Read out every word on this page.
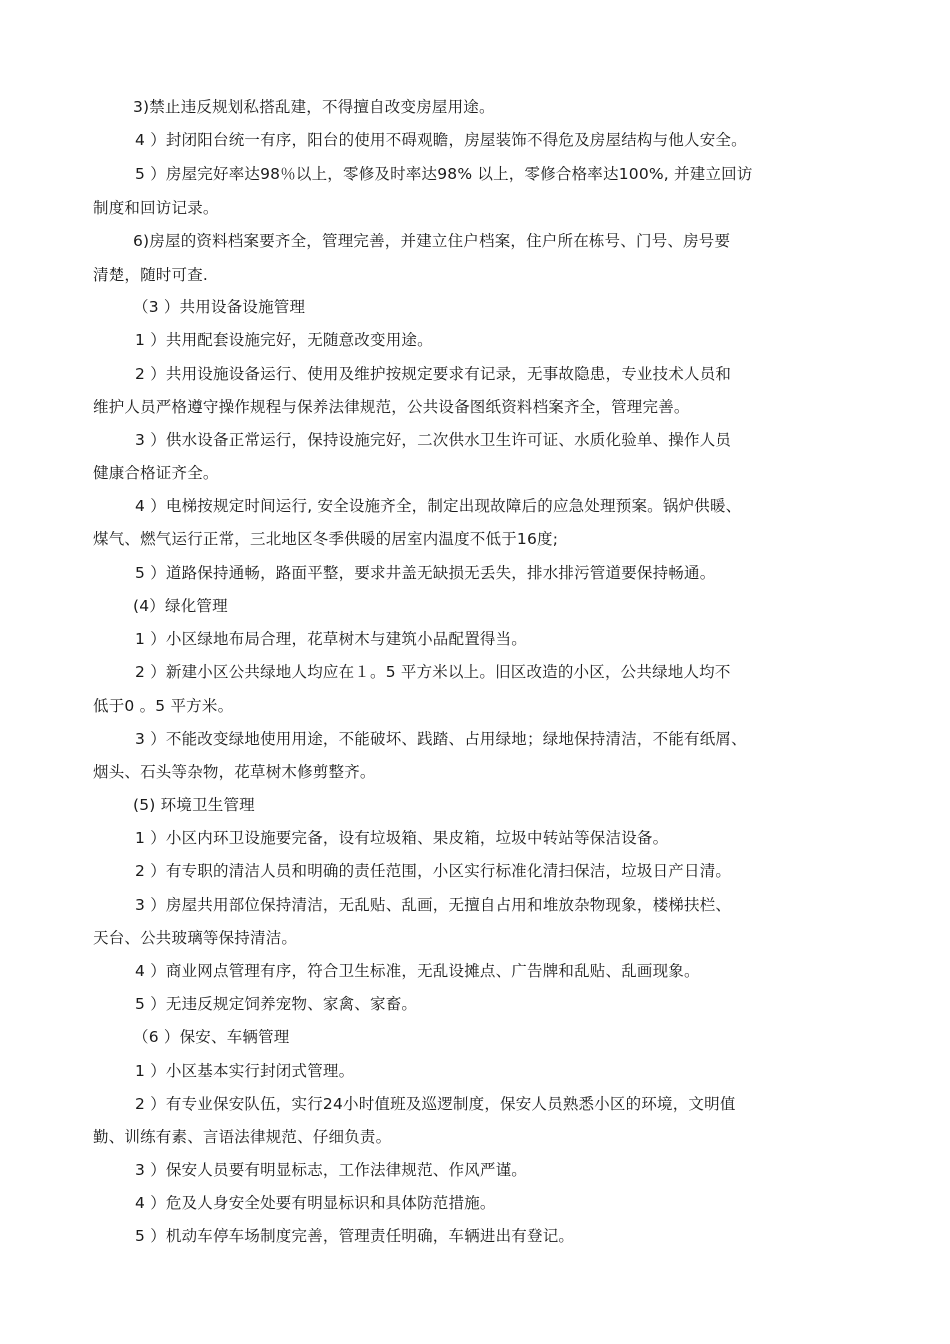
3)禁止违反规划私搭乱建，不得擅自改变房屋用途。
4 ）封闭阳台统一有序，阳台的使用不碍观瞻，房屋装饰不得危及房屋结构与他人安全。
5 ）房屋完好率达98％以上，零修及时率达98% 以上，零修合格率达100%, 并建立回访
制度和回访记录。
6)房屋的资料档案要齐全，管理完善，并建立住户档案，住户所在栋号、门号、房号要
清楚，随时可查.
（3 ）共用设备设施管理
1 ）共用配套设施完好，无随意改变用途。
2 ）共用设施设备运行、使用及维护按规定要求有记录，无事故隐患，专业技术人员和
维护人员严格遵守操作规程与保养法律规范，公共设备图纸资料档案齐全，管理完善。
3 ）供水设备正常运行，保持设施完好，二次供水卫生许可证、水质化验单、操作人员
健康合格证齐全。
4 ）电梯按规定时间运行, 安全设施齐全，制定出现故障后的应急处理预案。锅炉供暖、
煤气、燃气运行正常，三北地区冬季供暖的居室内温度不低于16度;
5 ）道路保持通畅，路面平整，要求井盖无缺损无丢失，排水排污管道要保持畅通。
(4）绿化管理
1 ）小区绿地布局合理，花草树木与建筑小品配置得当。
2 ）新建小区公共绿地人均应在１。5 平方米以上。旧区改造的小区，公共绿地人均不
低于0 。5 平方米。
3 ）不能改变绿地使用用途，不能破坏、践踏、占用绿地；绿地保持清洁，不能有纸屑、
烟头、石头等杂物，花草树木修剪整齐。
(5) 环境卫生管理
1 ）小区内环卫设施要完备，设有垃圾箱、果皮箱，垃圾中转站等保洁设备。
2 ）有专职的清洁人员和明确的责任范围，小区实行标准化清扫保洁，垃圾日产日清。
3 ）房屋共用部位保持清洁，无乱贴、乱画，无擅自占用和堆放杂物现象，楼梯扶栏、
天台、公共玻璃等保持清洁。
4 ）商业网点管理有序，符合卫生标准，无乱设摊点、广告牌和乱贴、乱画现象。
5 ）无违反规定饲养宠物、家禽、家畜。
（6 ）保安、车辆管理
1 ）小区基本实行封闭式管理。
2 ）有专业保安队伍，实行24小时值班及巡逻制度，保安人员熟悉小区的环境，文明值
勤、训练有素、言语法律规范、仔细负责。
3 ）保安人员要有明显标志，工作法律规范、作风严谨。
4 ）危及人身安全处要有明显标识和具体防范措施。
5 ）机动车停车场制度完善，管理责任明确，车辆进出有登记。
